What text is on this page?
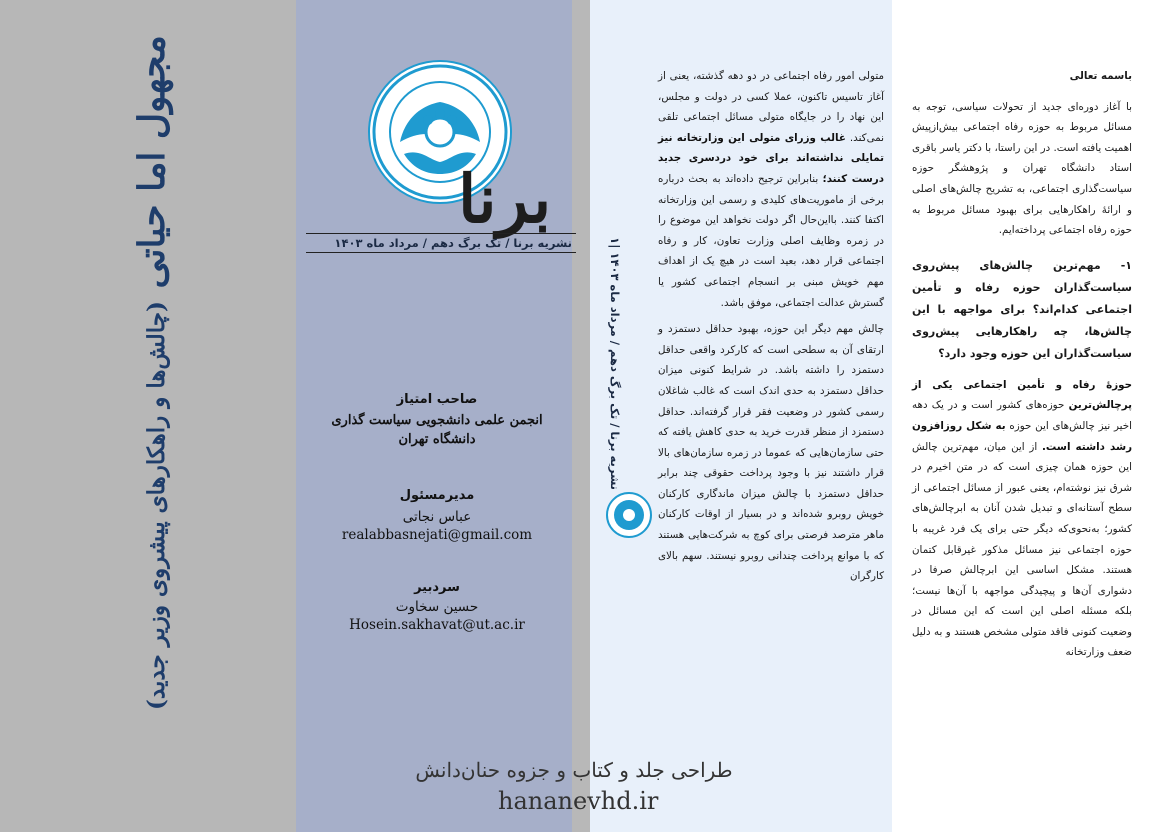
مجهول اما حیاتی (چالش‌ها و راهکارهای پیشروی وزیر جدید)
برنا
نشریه برنا / تک برگ دهم / مرداد ماه ۱۴۰۳
صاحب امتیاز
انجمن علمی دانشجویی سیاست گذاری
دانشگاه تهران
مدیرمسئول
عباس نجاتی
realabbasnejati@gmail.com
سردبیر
حسین سخاوت
Hosein.sakhavat@ut.ac.ir
نشریه برنا / تک برگ دهم / مرداد ماه ۱۴۰۳ |۱

متولی امور رفاه اجتماعی در دو دهه گذشته، یعنی از آغاز تاسیس تاکنون، عملا کسی در دولت و مجلس، این نهاد را در جایگاه متولی مسائل اجتماعی تلقی نمی‌کند. غالب وزرای متولی این وزارتخانه نیز تمایلی نداشته‌اند برای خود دردسری جدید درست کنند؛ بنابراین ترجیح داده‌اند به بحث درباره برخی از ماموریت‌های کلیدی و رسمی این وزارتخانه اکتفا کنند. بااین‌حال اگر دولت نخواهد این موضوع را در زمره وظایف اصلی وزارت تعاون، کار و رفاه اجتماعی قرار دهد، بعید است در هیچ یک از اهداف مهم خویش مبنی بر انسجام اجتماعی کشور یا گسترش عدالت اجتماعی، موفق باشد.

چالش مهم دیگر این حوزه، بهبود حداقل دستمزد و ارتقای آن به سطحی است که کارکرد واقعی حداقل دستمزد را داشته باشد. در شرایط کنونی میزان حداقل دستمزد به حدی اندک است که غالب شاغلان رسمی کشور در وضعیت فقر قرار گرفته‌اند. حداقل دستمزد از منظر قدرت خرید به حدی کاهش یافته که حتی سازمان‌هایی که عموما در زمره سازمان‌های بالا قرار داشتند نیز با وجود پرداخت حقوقی چند برابر حداقل دستمزد با چالش میزان ماندگاری کارکنان خویش روبرو شده‌اند و در بسیار از اوقات کارکنان ماهر مترصد فرصتی برای کوچ به شرکت‌هایی هستند که با موانع پرداخت چندانی روبرو نیستند. سهم بالای کارگران

باسمه تعالی

با آغاز دوره‌ای جدید از تحولات سیاسی، توجه به مسائل مربوط به حوزه رفاه اجتماعی بیش‌ازپیش اهمیت یافته است. در این راستا، با دکتر یاسر باقری استاد دانشگاه تهران و پژوهشگر حوزه سیاست‌گذاری اجتماعی، به تشریح چالش‌های اصلی و ارائهٔ راهکارهایی برای بهبود مسائل مربوط به حوزه رفاه اجتماعی پرداخته‌ایم.

۱- مهم‌ترین چالش‌های پیش‌روی سیاست‌گذاران حوزه رفاه و تأمین اجتماعی کدام‌اند؟ برای مواجهه با این چالش‌ها، چه راهکارهایی پیش‌روی سیاست‌گذاران این حوزه وجود دارد؟

حوزهٔ رفاه و تأمین اجتماعی یکی از پرچالش‌ترین حوزه‌های کشور است و در یک دهه اخیر نیز چالش‌های این حوزه به شکل روزافزون رشد داشته است. از این میان، مهم‌ترین چالش این حوزه همان چیزی است که در متن اخیرم در شرق نیز نوشته‌ام، یعنی عبور از مسائل اجتماعی از سطح آستانه‌ای و تبدیل شدن آنان به ابرچالش‌های کشور؛ به‌نحوی‌که دیگر حتی برای یک فرد غریبه با حوزه اجتماعی نیز مسائل مذکور غیرقابل کتمان هستند. مشکل اساسی این ابرچالش صرفا در دشواری آن‌ها و پیچیدگی مواجهه با آن‌ها نیست؛ بلکه مسئله اصلی این است که این مسائل در وضعیت کنونی فاقد متولی مشخص هستند و به دلیل ضعف وزارتخانه

طراحی جلد و کتاب و جزوه حنان‌دانش
hananevhd.ir
